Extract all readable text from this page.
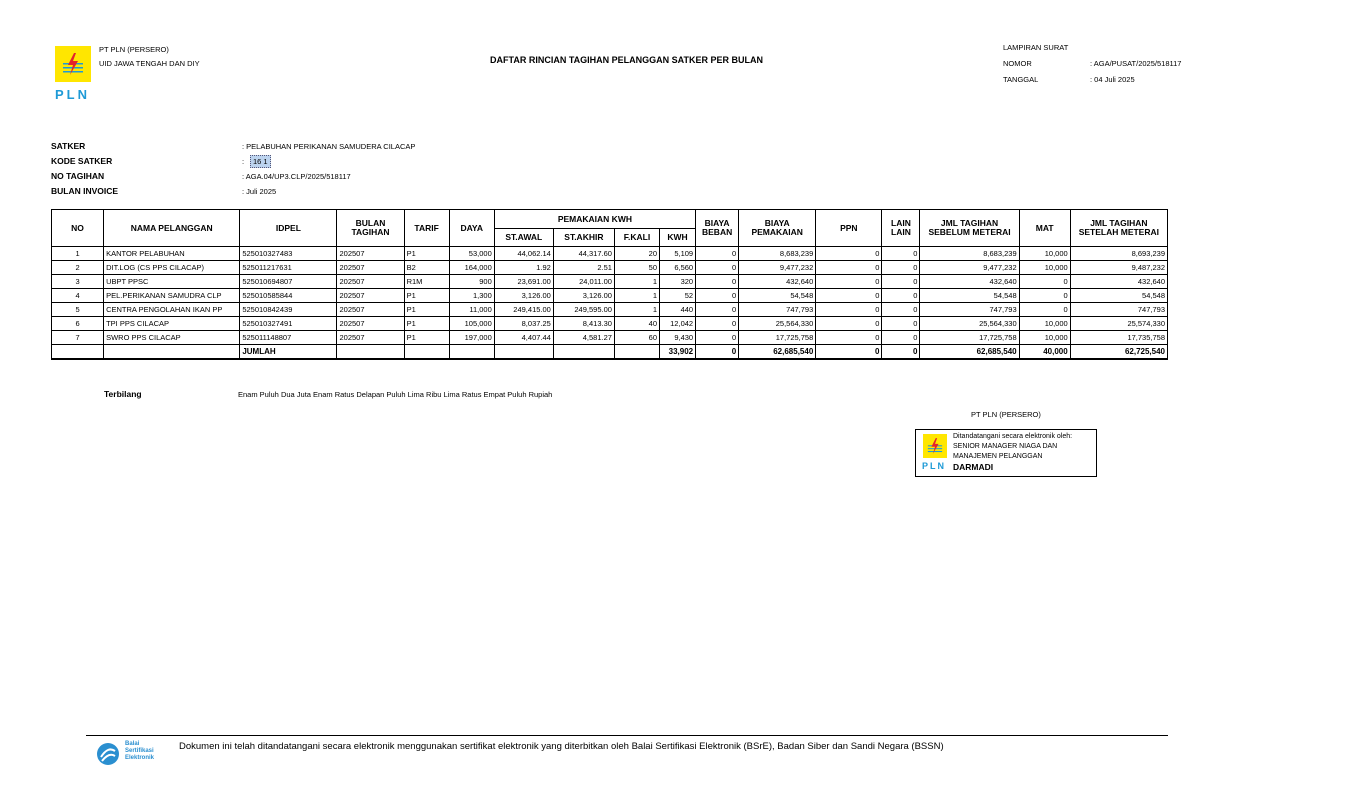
PLN
PT PLN (PERSERO)
UID JAWA TENGAH DAN DIY	DAFTAR RINCIAN TAGIHAN PELANGGAN SATKER PER BULAN
LAMPIRAN SURAT
NOMOR	: AGA/PUSAT/2025/518117
TANGGAL	: 04 Juli 2025
SATKER	: PELABUHAN PERIKANAN SAMUDERA CILACAP
KODE SATKER	:	16 1
NO TAGIHAN	: AGA.04/UP3.CLP/2025/518117
BULAN INVOICE	: Juli 2025
NO	NAMA PELANGGAN	IDPEL	BULAN TAGIHAN	TARIF	DAYA	PEMAKAIAN KWH				BIAYA BEBAN	BIAYA PEMAKAIAN	PPN	LAIN LAIN	JML TAGIHAN SEBELUM METERAI	MAT	JML TAGIHAN SETELAH METERAI
						ST.AWAL	ST.AKHIR	F.KALI	KWH							
1	KANTOR PELABUHAN	525010327483	202507	P1	53,000	44,062.14	44,317.60	20	5,109	0	8,683,239	0	0	8,683,239	10,000	8,693,239
2	DIT.LOG (CS PPS CILACAP)	525011217631	202507	B2	164,000	1.92	2.51	50	6,560	0	9,477,232	0	0	9,477,232	10,000	9,487,232
3	UBPT PPSC	525010694807	202507	R1M	900	23,691.00	24,011.00	1	320	0	432,640	0	0	432,640	0	432,640
4	PEL.PERIKANAN SAMUDRA CLP	525010585844	202507	P1	1,300	3,126.00	3,126.00	1	52	0	54,548	0	0	54,548	0	54,548
5	CENTRA PENGOLAHAN IKAN PP	525010842439	202507	P1	11,000	249,415.00	249,595.00	1	440	0	747,793	0	0	747,793	0	747,793
6	TPI PPS CILACAP	525010327491	202507	P1	105,000	8,037.25	8,413.30	40	12,042	0	25,564,330	0	0	25,564,330	10,000	25,574,330
7	SWRO PPS CILACAP	525011148807	202507	P1	197,000	4,407.44	4,581.27	60	9,430	0	17,725,758	0	0	17,725,758	10,000	17,735,758
		JUMLAH							33,902	0	62,685,540	0	0	62,685,540	40,000	62,725,540
Terbilang	Enam Puluh Dua Juta Enam Ratus Delapan Puluh Lima Ribu Lima Ratus Empat Puluh Rupiah
PT PLN (PERSERO)
PLN
Ditandatangani secara elektronik oleh:
SENIOR MANAGER NIAGA DAN
MANAJEMEN PELANGGAN
DARMADI
Balai
Sertifikasi
Elektronik
Dokumen ini telah ditandatangani secara elektronik menggunakan sertifikat elektronik yang diterbitkan oleh Balai Sertifikasi Elektronik (BSrE), Badan Siber dan Sandi Negara (BSSN)
